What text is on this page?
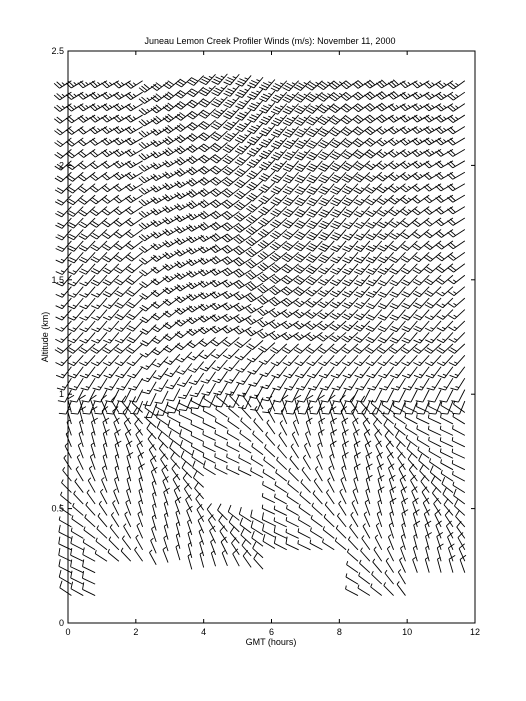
Juneau Lemon Creek Profiler Winds (m/s): November 11, 2000
0	2	4	6	8	10	12
0
0.5
1
1.5
2
2.5
GMT (hours)
Altitude (km)
